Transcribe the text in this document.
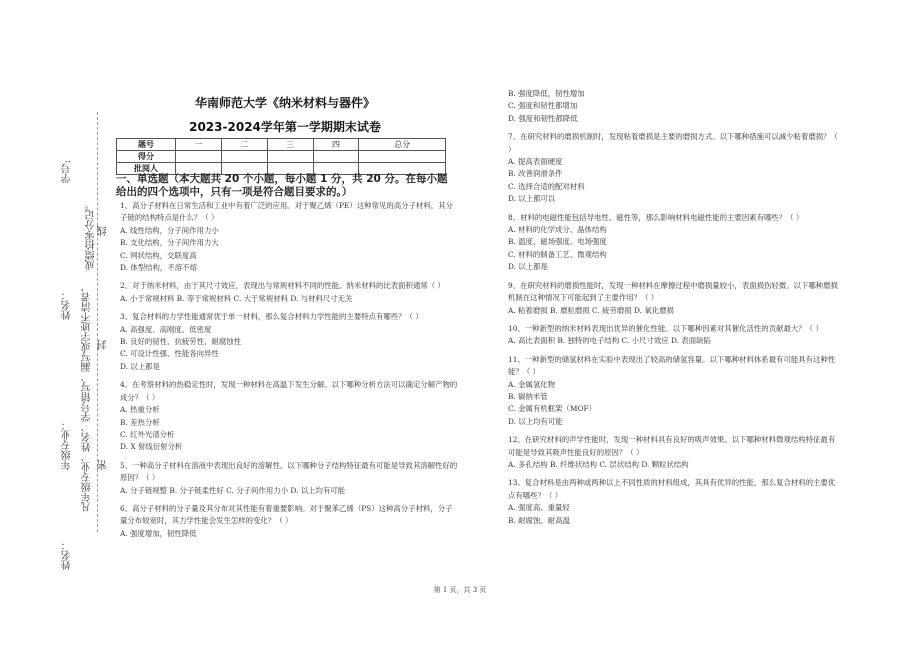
学号:
成绩拾零分记。 线
姓名： 凡年级专业、姓名、学号错写、漏写或字迹不清者， 封
年级专业：	密
姓名：
华南师范大学《纳米材料与器件》
2023-2024学年第一学期期末试卷
题号	一	二	三	四	总分
得分					
批阅人					
一、单选题（本大题共 20 个小题，每小题 1 分，共 20 分。在每小题给出的四个选项中，只有一项是符合题目要求的。）

1、高分子材料在日常生活和工业中有着广泛的应用。对于聚乙烯（PE）这种常见的高分子材料，其分子链的结构特点是什么？（ ）

A. 线性结构，分子间作用力小

B. 支化结构，分子间作用力大

C. 网状结构，交联度高

D. 体型结构，不溶不熔

2、对于纳米材料，由于其尺寸效应，表现出与常规材料不同的性能。纳米材料的比表面积通常（ ）

A. 小于常规材料 B. 等于常规材料 C. 大于常规材料 D. 与材料尺寸无关

3、复合材料的力学性能通常优于单一材料，那么复合材料力学性能的主要特点有哪些？（ ）

A. 高强度、高刚度、低密度

B. 良好的韧性、抗疲劳性、耐腐蚀性

C. 可设计性强、性能各向异性

D. 以上都是

4、在考察材料的热稳定性时，发现一种材料在高温下发生分解。以下哪种分析方法可以确定分解产物的成分？（ ）

A. 热重分析

B. 差热分析

C. 红外光谱分析

D. X 射线衍射分析

5、一种高分子材料在溶液中表现出良好的溶解性。以下哪种分子结构特征最有可能是导致其溶解性好的原因？（ ）

A. 分子链规整 B. 分子链柔性好 C. 分子间作用力小 D. 以上均有可能

6、高分子材料的分子量及其分布对其性能有着重要影响。对于聚苯乙烯（PS）这种高分子材料，分子量分布较宽时，其力学性能会发生怎样的变化？（ ）

A. 强度增加，韧性降低

B. 强度降低，韧性增加

C. 强度和韧性都增加

D. 强度和韧性都降低

7、在研究材料的磨损机制时，发现粘着磨损是主要的磨损方式。以下哪种措施可以减少粘着磨损？（ ）

A. 提高表面硬度

B. 改善润滑条件

C. 选择合适的配对材料

D. 以上都可以

8、材料的电磁性能包括导电性、磁性等，那么影响材料电磁性能的主要因素有哪些？（ ）

A. 材料的化学成分、晶体结构

B. 温度、磁场强度、电场强度

C. 材料的制备工艺、微观结构

D. 以上都是

9、在研究材料的磨损性能时，发现一种材料在摩擦过程中磨损量较小，表面损伤轻微。以下哪种磨损机制在这种情况下可能起到了主要作用？（ ）

A. 粘着磨损 B. 磨粒磨损 C. 疲劳磨损 D. 氧化磨损

10、一种新型的纳米材料表现出优异的催化性能。以下哪种因素对其催化活性的贡献最大？（ ）

A. 高比表面积 B. 独特的电子结构 C. 小尺寸效应 D. 表面缺陷

11、一种新型的储氢材料在实验中表现出了较高的储氢容量。以下哪种材料体系最有可能具有这种性能？（ ）

A. 金属氢化物

B. 碳纳米管

C. 金属有机框架（MOF）

D. 以上均有可能

12、在研究材料的声学性能时，发现一种材料具有良好的吸声效果。以下哪种材料微观结构特征最有可能是导致其吸声性能良好的原因？（ ）

A. 多孔结构 B. 纤维状结构 C. 层状结构 D. 颗粒状结构

13、复合材料是由两种或两种以上不同性质的材料组成，其具有优异的性能，那么复合材料的主要优点有哪些？（ ）

A. 强度高、重量轻

B. 耐腐蚀、耐高温

第 1 页，共 3 页
